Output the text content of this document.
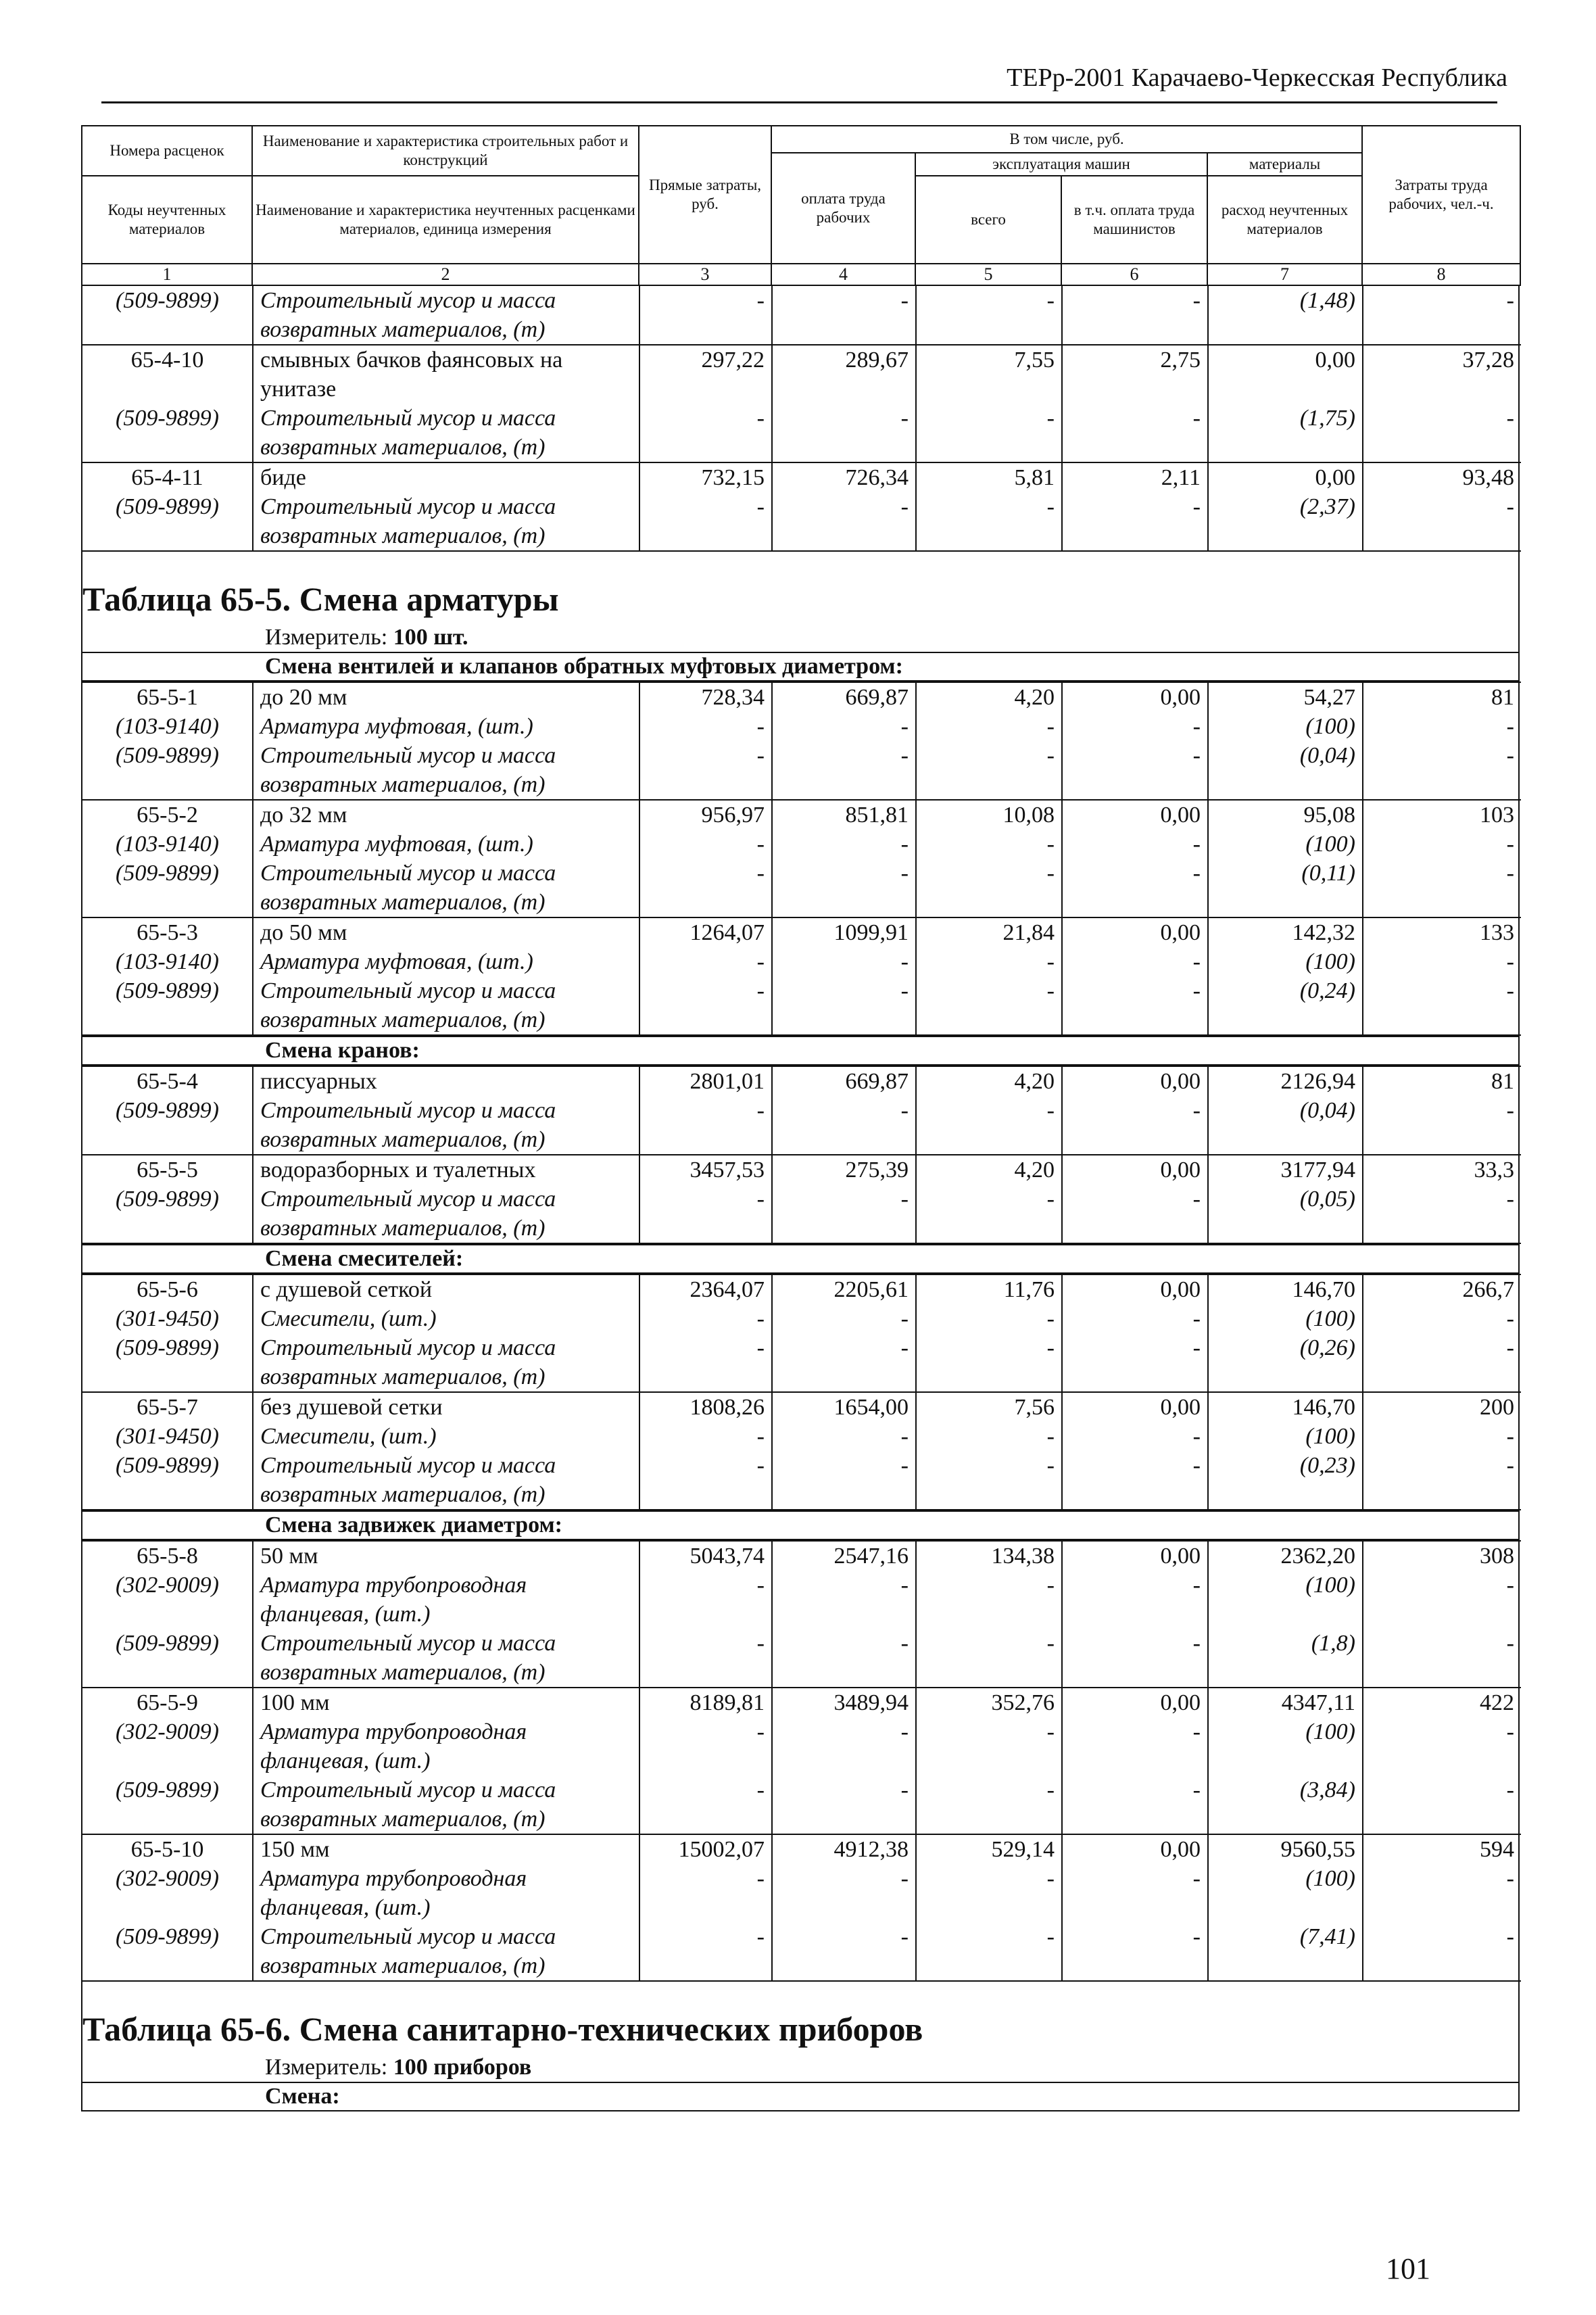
ТЕРр-2001 Карачаево-Черкесская Республика
Номера расценок	Наименование и характеристика строительных работ и конструкций	Прямые затраты, руб.	В том числе, руб.				Затраты труда рабочих, чел.-ч.
			оплата труда рабочих	эксплуатация машин		материалы	
Коды неучтенных материалов	Наименование и характеристика неучтенных расценками материалов, единица измерения			всего	в т.ч. оплата труда машинистов	расход неучтенных материалов	

1	2	3	4	5	6	7	8
(509-9899)	Строительный мусор и масса возвратных материалов, (т)	-	-	-	-	(1,48)	-
65-4-10	смывных бачков фаянсовых на унитазе	297,22	289,67	7,55	2,75	0,00	37,28
(509-9899)	Строительный мусор и масса возвратных материалов, (т)	-	-	-	-	(1,75)	-
65-4-11	биде	732,15	726,34	5,81	2,11	0,00	93,48
(509-9899)	Строительный мусор и масса возвратных материалов, (т)	-	-	-	-	(2,37)	-
Таблица 65-5. Смена арматуры
Измеритель: 100 шт.
Смена вентилей и клапанов обратных муфтовых диаметром:
65-5-1	до 20 мм	728,34	669,87	4,20	0,00	54,27	81
(103-9140)	Арматура муфтовая, (шт.)	-	-	-	-	(100)	-
(509-9899)	Строительный мусор и масса возвратных материалов, (т)	-	-	-	-	(0,04)	-
65-5-2	до 32 мм	956,97	851,81	10,08	0,00	95,08	103
(103-9140)	Арматура муфтовая, (шт.)	-	-	-	-	(100)	-
(509-9899)	Строительный мусор и масса возвратных материалов, (т)	-	-	-	-	(0,11)	-
65-5-3	до 50 мм	1264,07	1099,91	21,84	0,00	142,32	133
(103-9140)	Арматура муфтовая, (шт.)	-	-	-	-	(100)	-
(509-9899)	Строительный мусор и масса возвратных материалов, (т)	-	-	-	-	(0,24)	-
Смена кранов:
65-5-4	писсуарных	2801,01	669,87	4,20	0,00	2126,94	81
(509-9899)	Строительный мусор и масса возвратных материалов, (т)	-	-	-	-	(0,04)	-
65-5-5	водоразборных и туалетных	3457,53	275,39	4,20	0,00	3177,94	33,3
(509-9899)	Строительный мусор и масса возвратных материалов, (т)	-	-	-	-	(0,05)	-
Смена смесителей:
65-5-6	с душевой сеткой	2364,07	2205,61	11,76	0,00	146,70	266,7
(301-9450)	Смесители, (шт.)	-	-	-	-	(100)	-
(509-9899)	Строительный мусор и масса возвратных материалов, (т)	-	-	-	-	(0,26)	-
65-5-7	без душевой сетки	1808,26	1654,00	7,56	0,00	146,70	200
(301-9450)	Смесители, (шт.)	-	-	-	-	(100)	-
(509-9899)	Строительный мусор и масса возвратных материалов, (т)	-	-	-	-	(0,23)	-
Смена задвижек диаметром:
65-5-8	50 мм	5043,74	2547,16	134,38	0,00	2362,20	308
(302-9009)	Арматура трубопроводная фланцевая, (шт.)	-	-	-	-	(100)	-
(509-9899)	Строительный мусор и масса возвратных материалов, (т)	-	-	-	-	(1,8)	-
65-5-9	100 мм	8189,81	3489,94	352,76	0,00	4347,11	422
(302-9009)	Арматура трубопроводная фланцевая, (шт.)	-	-	-	-	(100)	-
(509-9899)	Строительный мусор и масса возвратных материалов, (т)	-	-	-	-	(3,84)	-
65-5-10	150 мм	15002,07	4912,38	529,14	0,00	9560,55	594
(302-9009)	Арматура трубопроводная фланцевая, (шт.)	-	-	-	-	(100)	-
(509-9899)	Строительный мусор и масса возвратных материалов, (т)	-	-	-	-	(7,41)	-
Таблица 65-6. Смена санитарно-технических приборов
Измеритель: 100 приборов
Смена:
101
